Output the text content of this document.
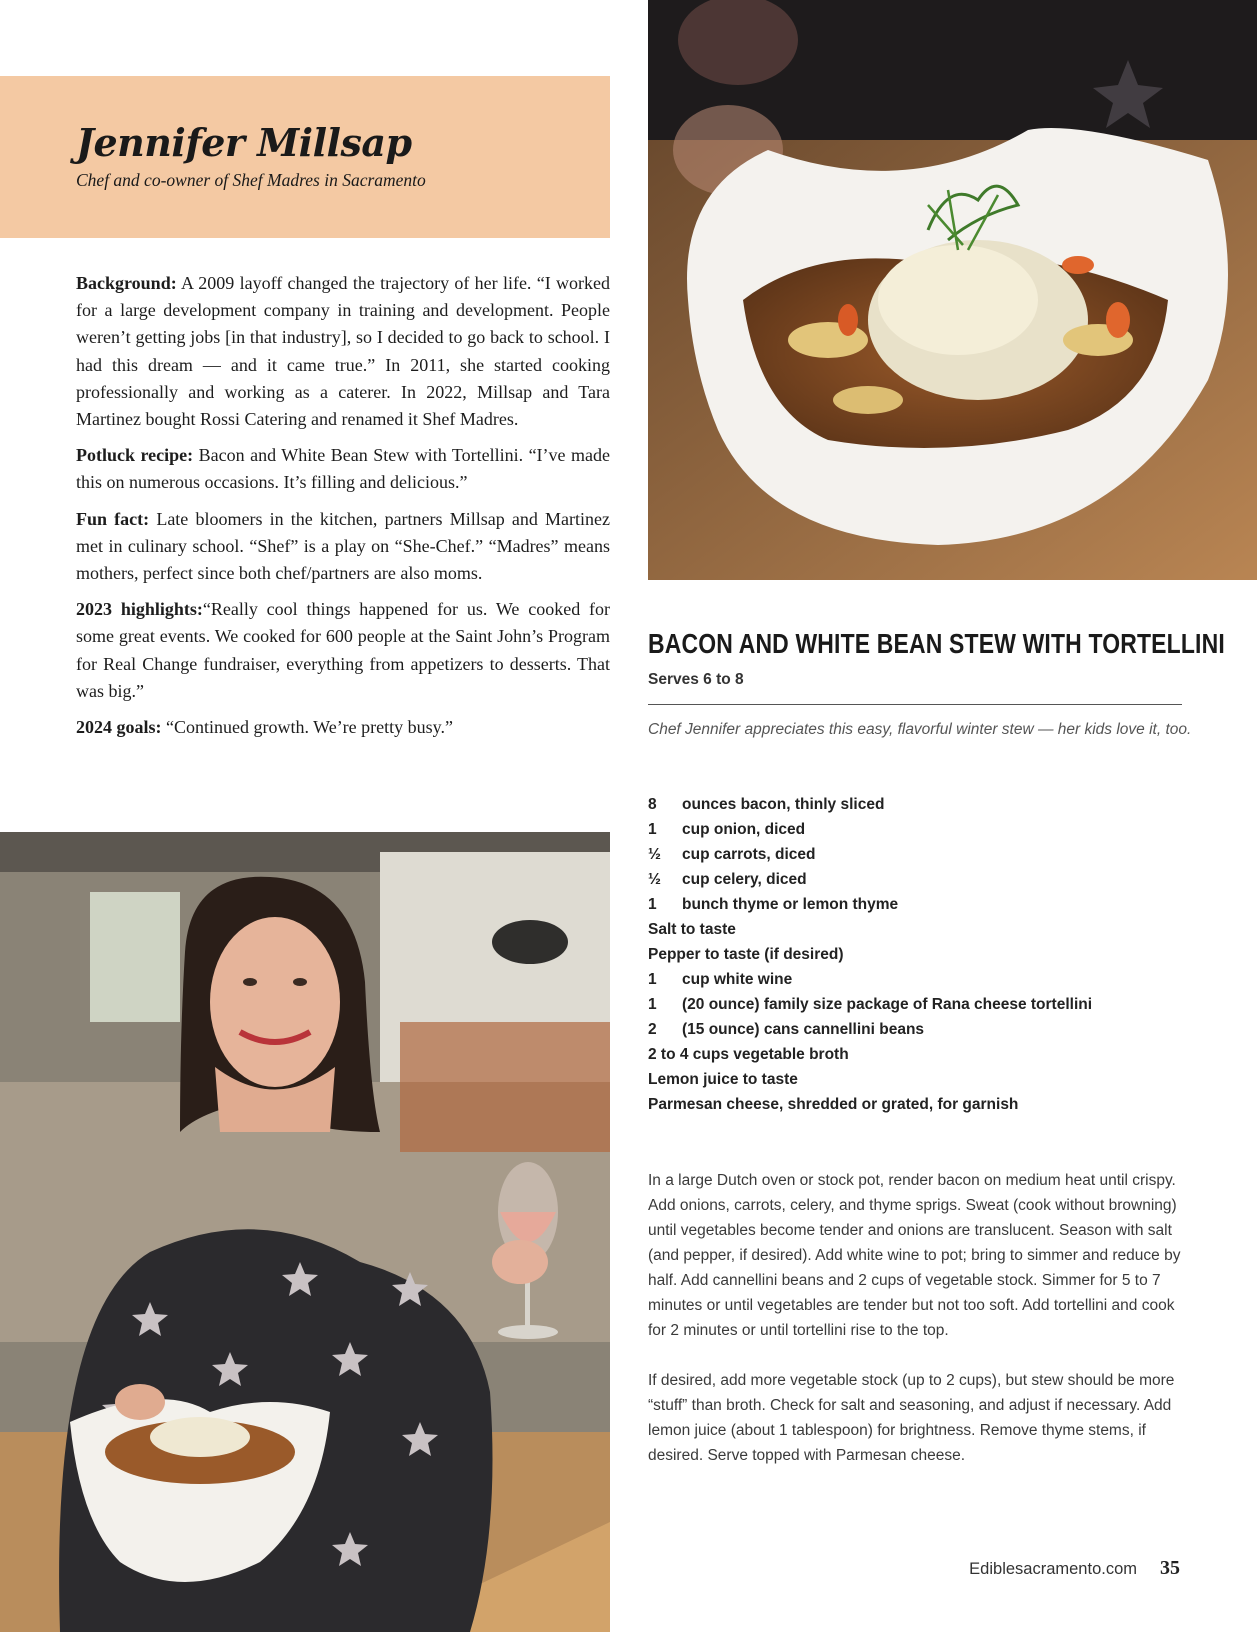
Jennifer Millsap

Chef and co-owner of Shef Madres in Sacramento

Background: A 2009 layoff changed the trajectory of her life. “I worked for a large development company in training and development. People weren’t getting jobs [in that industry], so I decided to go back to school. I had this dream — and it came true.” In 2011, she started cooking professionally and working as a caterer. In 2022, Millsap and Tara Martinez bought Rossi Catering and renamed it Shef Madres.

Potluck recipe: Bacon and White Bean Stew with Tortellini. “I’ve made this on numerous occasions. It’s filling and delicious.”

Fun fact: Late bloomers in the kitchen, partners Millsap and Martinez met in culinary school. “Shef” is a play on “She-Chef.” “Madres” means mothers, perfect since both chef/partners are also moms.

2023 highlights:“Really cool things happened for us. We cooked for some great events. We cooked for 600 people at the Saint John’s Program for Real Change fundraiser, everything from appetizers to desserts. That was big.”

2024 goals: “Continued growth. We’re pretty busy.”

BACON AND WHITE BEAN STEW WITH TORTELLINI
Serves 6 to 8
Chef Jennifer appreciates this easy, flavorful winter stew — her kids love it, too.
8 ounces bacon, thinly sliced
1 cup onion, diced
½ cup carrots, diced
½ cup celery, diced
1 bunch thyme or lemon thyme
Salt to taste
Pepper to taste (if desired)
1 cup white wine
1 (20 ounce) family size package of Rana cheese tortellini
2 (15 ounce) cans cannellini beans
2 to 4 cups vegetable broth
Lemon juice to taste
Parmesan cheese, shredded or grated, for garnish

In a large Dutch oven or stock pot, render bacon on medium heat until crispy. Add onions, carrots, celery, and thyme sprigs. Sweat (cook without browning) until vegetables become tender and onions are translucent. Season with salt (and pepper, if desired). Add white wine to pot; bring to simmer and reduce by half. Add cannellini beans and 2 cups of vegetable stock. Simmer for 5 to 7 minutes or until vegetables are tender but not too soft. Add tortellini and cook for 2 minutes or until tortellini rise to the top.

If desired, add more vegetable stock (up to 2 cups), but stew should be more “stuff” than broth. Check for salt and seasoning, and adjust if necessary. Add lemon juice (about 1 tablespoon) for brightness. Remove thyme stems, if desired. Serve topped with Parmesan cheese.

Ediblesacramento.com 35
